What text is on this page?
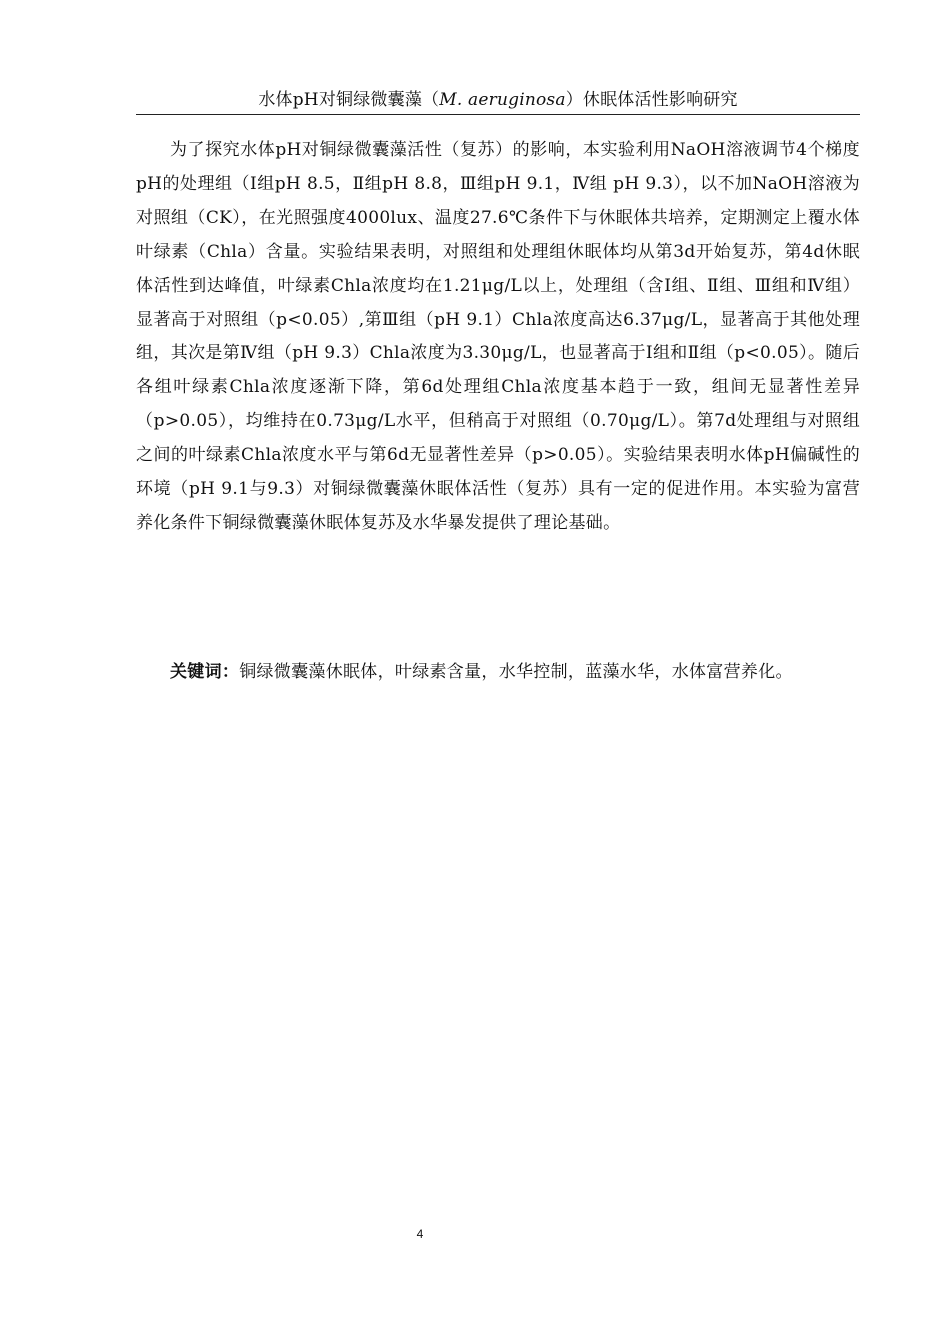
水体pH对铜绿微囊藻（M. aeruginosa）休眠体活性影响研究

为了探究水体pH对铜绿微囊藻活性（复苏）的影响，本实验利用NaOH溶液调节4个梯度pH的处理组（Ⅰ组pH 8.5，Ⅱ组pH 8.8，Ⅲ组pH 9.1，Ⅳ组 pH 9.3），以不加NaOH溶液为对照组（CK），在光照强度4000lux、温度27.6℃条件下与休眠体共培养，定期测定上覆水体叶绿素（Chla）含量。实验结果表明，对照组和处理组休眠体均从第3d开始复苏，第4d休眠体活性到达峰值，叶绿素Chla浓度均在1.21μg/L以上，处理组（含Ⅰ组、Ⅱ组、Ⅲ组和Ⅳ组）显著高于对照组（p<0.05）,第Ⅲ组（pH 9.1）Chla浓度高达6.37μg/L，显著高于其他处理组，其次是第Ⅳ组（pH 9.3）Chla浓度为3.30μg/L，也显著高于Ⅰ组和Ⅱ组（p<0.05）。随后各组叶绿素Chla浓度逐渐下降，第6d处理组Chla浓度基本趋于一致，组间无显著性差异（p>0.05），均维持在0.73μg/L水平，但稍高于对照组（0.70μg/L）。第7d处理组与对照组之间的叶绿素Chla浓度水平与第6d无显著性差异（p>0.05）。实验结果表明水体pH偏碱性的环境（pH 9.1与9.3）对铜绿微囊藻休眠体活性（复苏）具有一定的促进作用。本实验为富营养化条件下铜绿微囊藻休眠体复苏及水华暴发提供了理论基础。

关键词：铜绿微囊藻休眠体，叶绿素含量，水华控制，蓝藻水华，水体富营养化。

4
